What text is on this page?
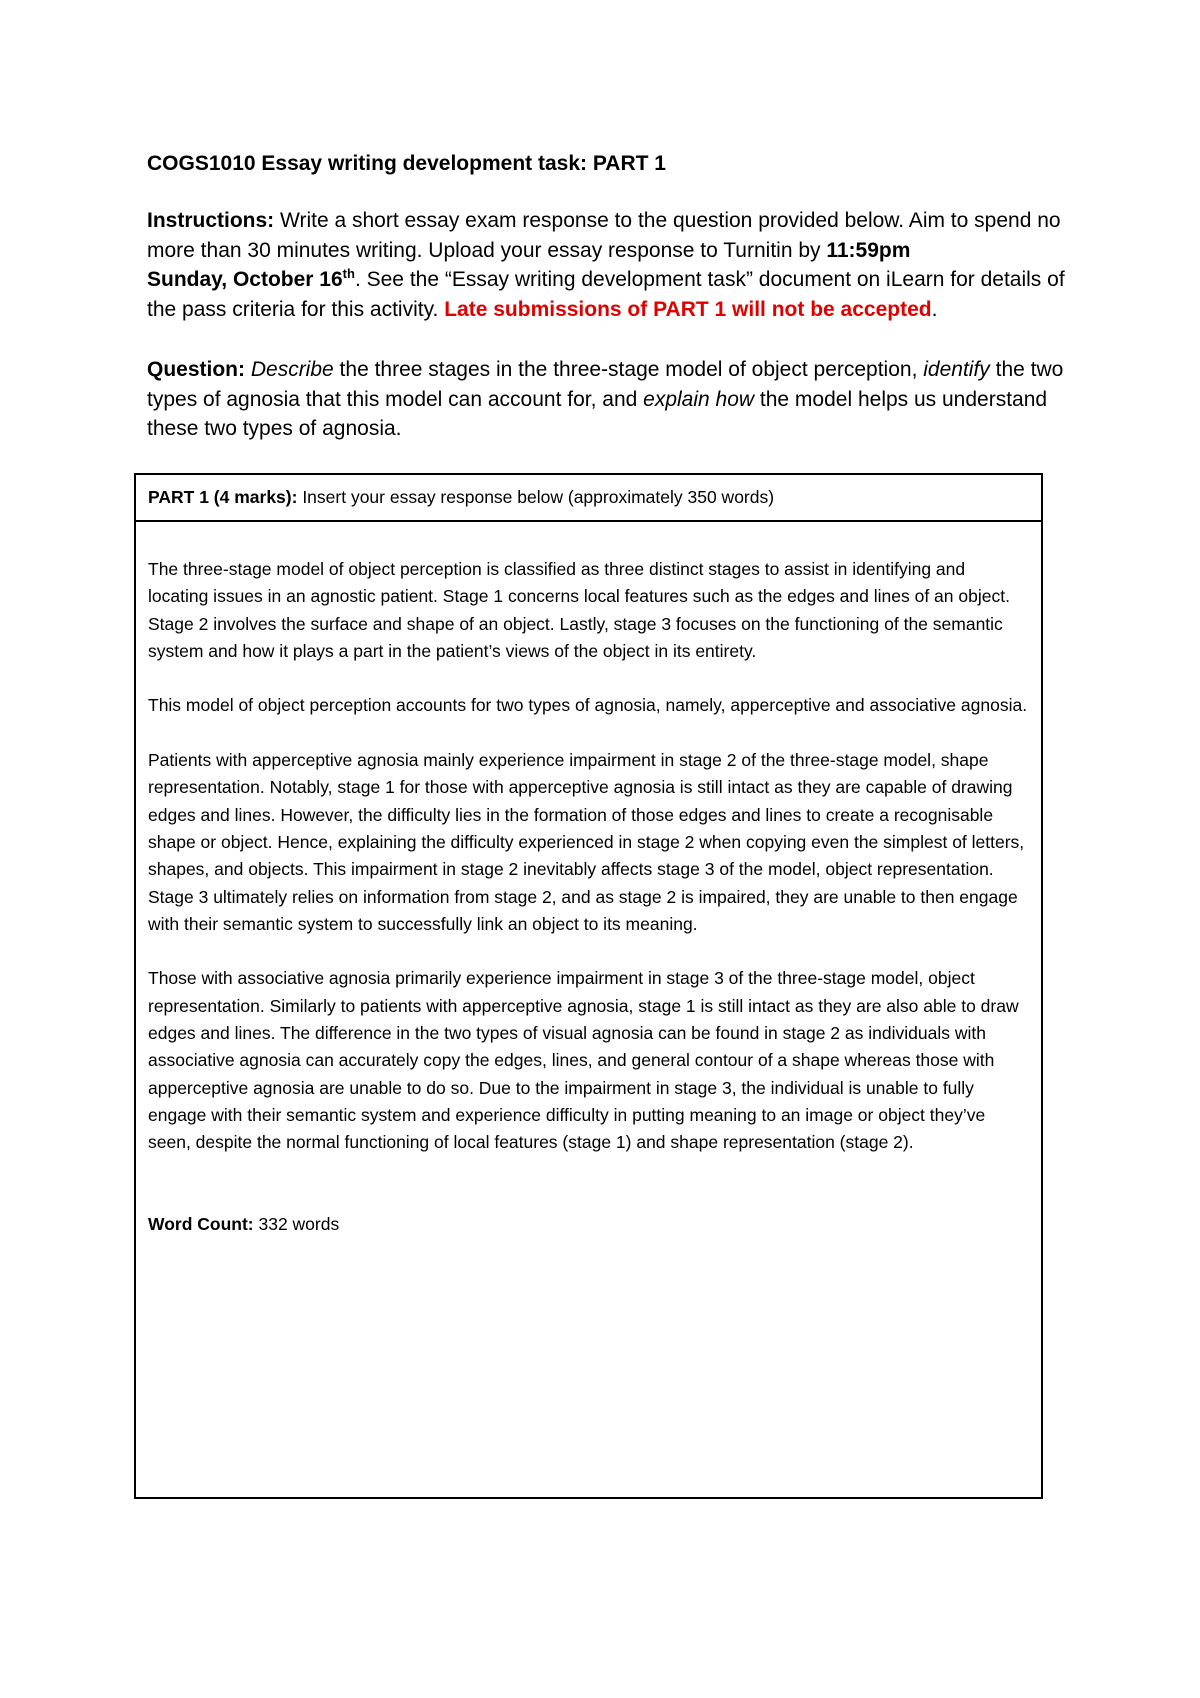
COGS1010 Essay writing development task: PART 1

Instructions: Write a short essay exam response to the question provided below. Aim to spend no more than 30 minutes writing. Upload your essay response to Turnitin by 11:59pm
Sunday, October 16th. See the “Essay writing development task” document on iLearn for details of the pass criteria for this activity. Late submissions of PART 1 will not be accepted.

Question: Describe the three stages in the three-stage model of object perception, identify the two types of agnosia that this model can account for, and explain how the model helps us understand these two types of agnosia.

PART 1 (4 marks): Insert your essay response below (approximately 350 words)

The three-stage model of object perception is classified as three distinct stages to assist in identifying and locating issues in an agnostic patient. Stage 1 concerns local features such as the edges and lines of an object. Stage 2 involves the surface and shape of an object. Lastly, stage 3 focuses on the functioning of the semantic system and how it plays a part in the patient’s views of the object in its entirety.

This model of object perception accounts for two types of agnosia, namely, apperceptive and associative agnosia.

Patients with apperceptive agnosia mainly experience impairment in stage 2 of the three-stage model, shape representation. Notably, stage 1 for those with apperceptive agnosia is still intact as they are capable of drawing edges and lines. However, the difficulty lies in the formation of those edges and lines to create a recognisable shape or object. Hence, explaining the difficulty experienced in stage 2 when copying even the simplest of letters, shapes, and objects. This impairment in stage 2 inevitably affects stage 3 of the model, object representation. Stage 3 ultimately relies on information from stage 2, and as stage 2 is impaired, they are unable to then engage with their semantic system to successfully link an object to its meaning.

Those with associative agnosia primarily experience impairment in stage 3 of the three-stage model, object representation. Similarly to patients with apperceptive agnosia, stage 1 is still intact as they are also able to draw edges and lines. The difference in the two types of visual agnosia can be found in stage 2 as individuals with associative agnosia can accurately copy the edges, lines, and general contour of a shape whereas those with apperceptive agnosia are unable to do so. Due to the impairment in stage 3, the individual is unable to fully engage with their semantic system and experience difficulty in putting meaning to an image or object they’ve seen, despite the normal functioning of local features (stage 1) and shape representation (stage 2).

Word Count: 332 words
